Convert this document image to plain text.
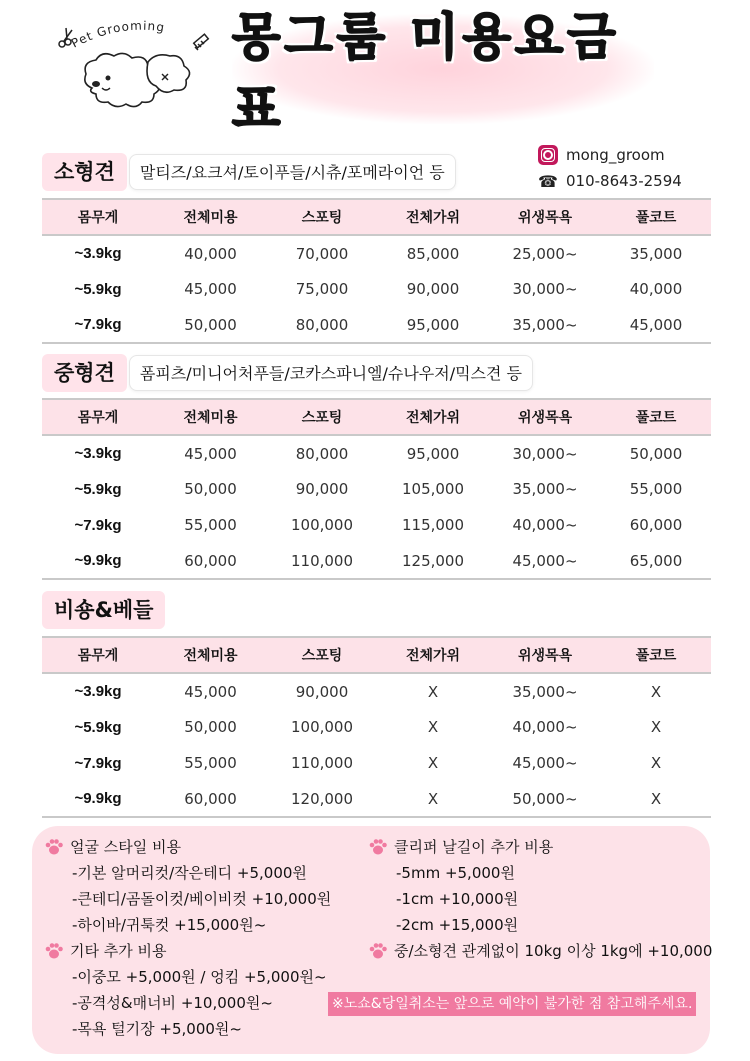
Pet Grooming 몽그룸 미용요금표
mong_groom
☎ 010-8643-2594
소형견	말티즈/요크셔/토이푸들/시츄/포메라이언 등
몸무게	전체미용	스포팅	전체가위	위생목욕	풀코트
~3.9kg	40,000	70,000	85,000	25,000~	35,000
~5.9kg	45,000	75,000	90,000	30,000~	40,000
~7.9kg	50,000	80,000	95,000	35,000~	45,000
중형견	폼피츠/미니어처푸들/코카스파니엘/슈나우저/믹스견 등
몸무게	전체미용	스포팅	전체가위	위생목욕	풀코트
~3.9kg	45,000	80,000	95,000	30,000~	50,000
~5.9kg	50,000	90,000	105,000	35,000~	55,000
~7.9kg	55,000	100,000	115,000	40,000~	60,000
~9.9kg	60,000	110,000	125,000	45,000~	65,000
비숑&베들
몸무게	전체미용	스포팅	전체가위	위생목욕	풀코트
~3.9kg	45,000	90,000	X	35,000~	X
~5.9kg	50,000	100,000	X	40,000~	X
~7.9kg	55,000	110,000	X	45,000~	X
~9.9kg	60,000	120,000	X	50,000~	X
얼굴 스타일 비용
-기본 알머리컷/작은테디 +5,000원
-큰테디/곰돌이컷/베이비컷 +10,000원
-하이바/귀툭컷 +15,000원~
기타 추가 비용
-이중모 +5,000원 / 엉킴 +5,000원~
-공격성&매너비 +10,000원~
-목욕 털기장 +5,000원~
클리퍼 날길이 추가 비용
-5mm +5,000원
-1cm +10,000원
-2cm +15,000원
중/소형견 관계없이 10kg 이상 1kg에 +10,000
※노쇼&당일취소는 앞으로 예약이 불가한 점 참고해주세요.
